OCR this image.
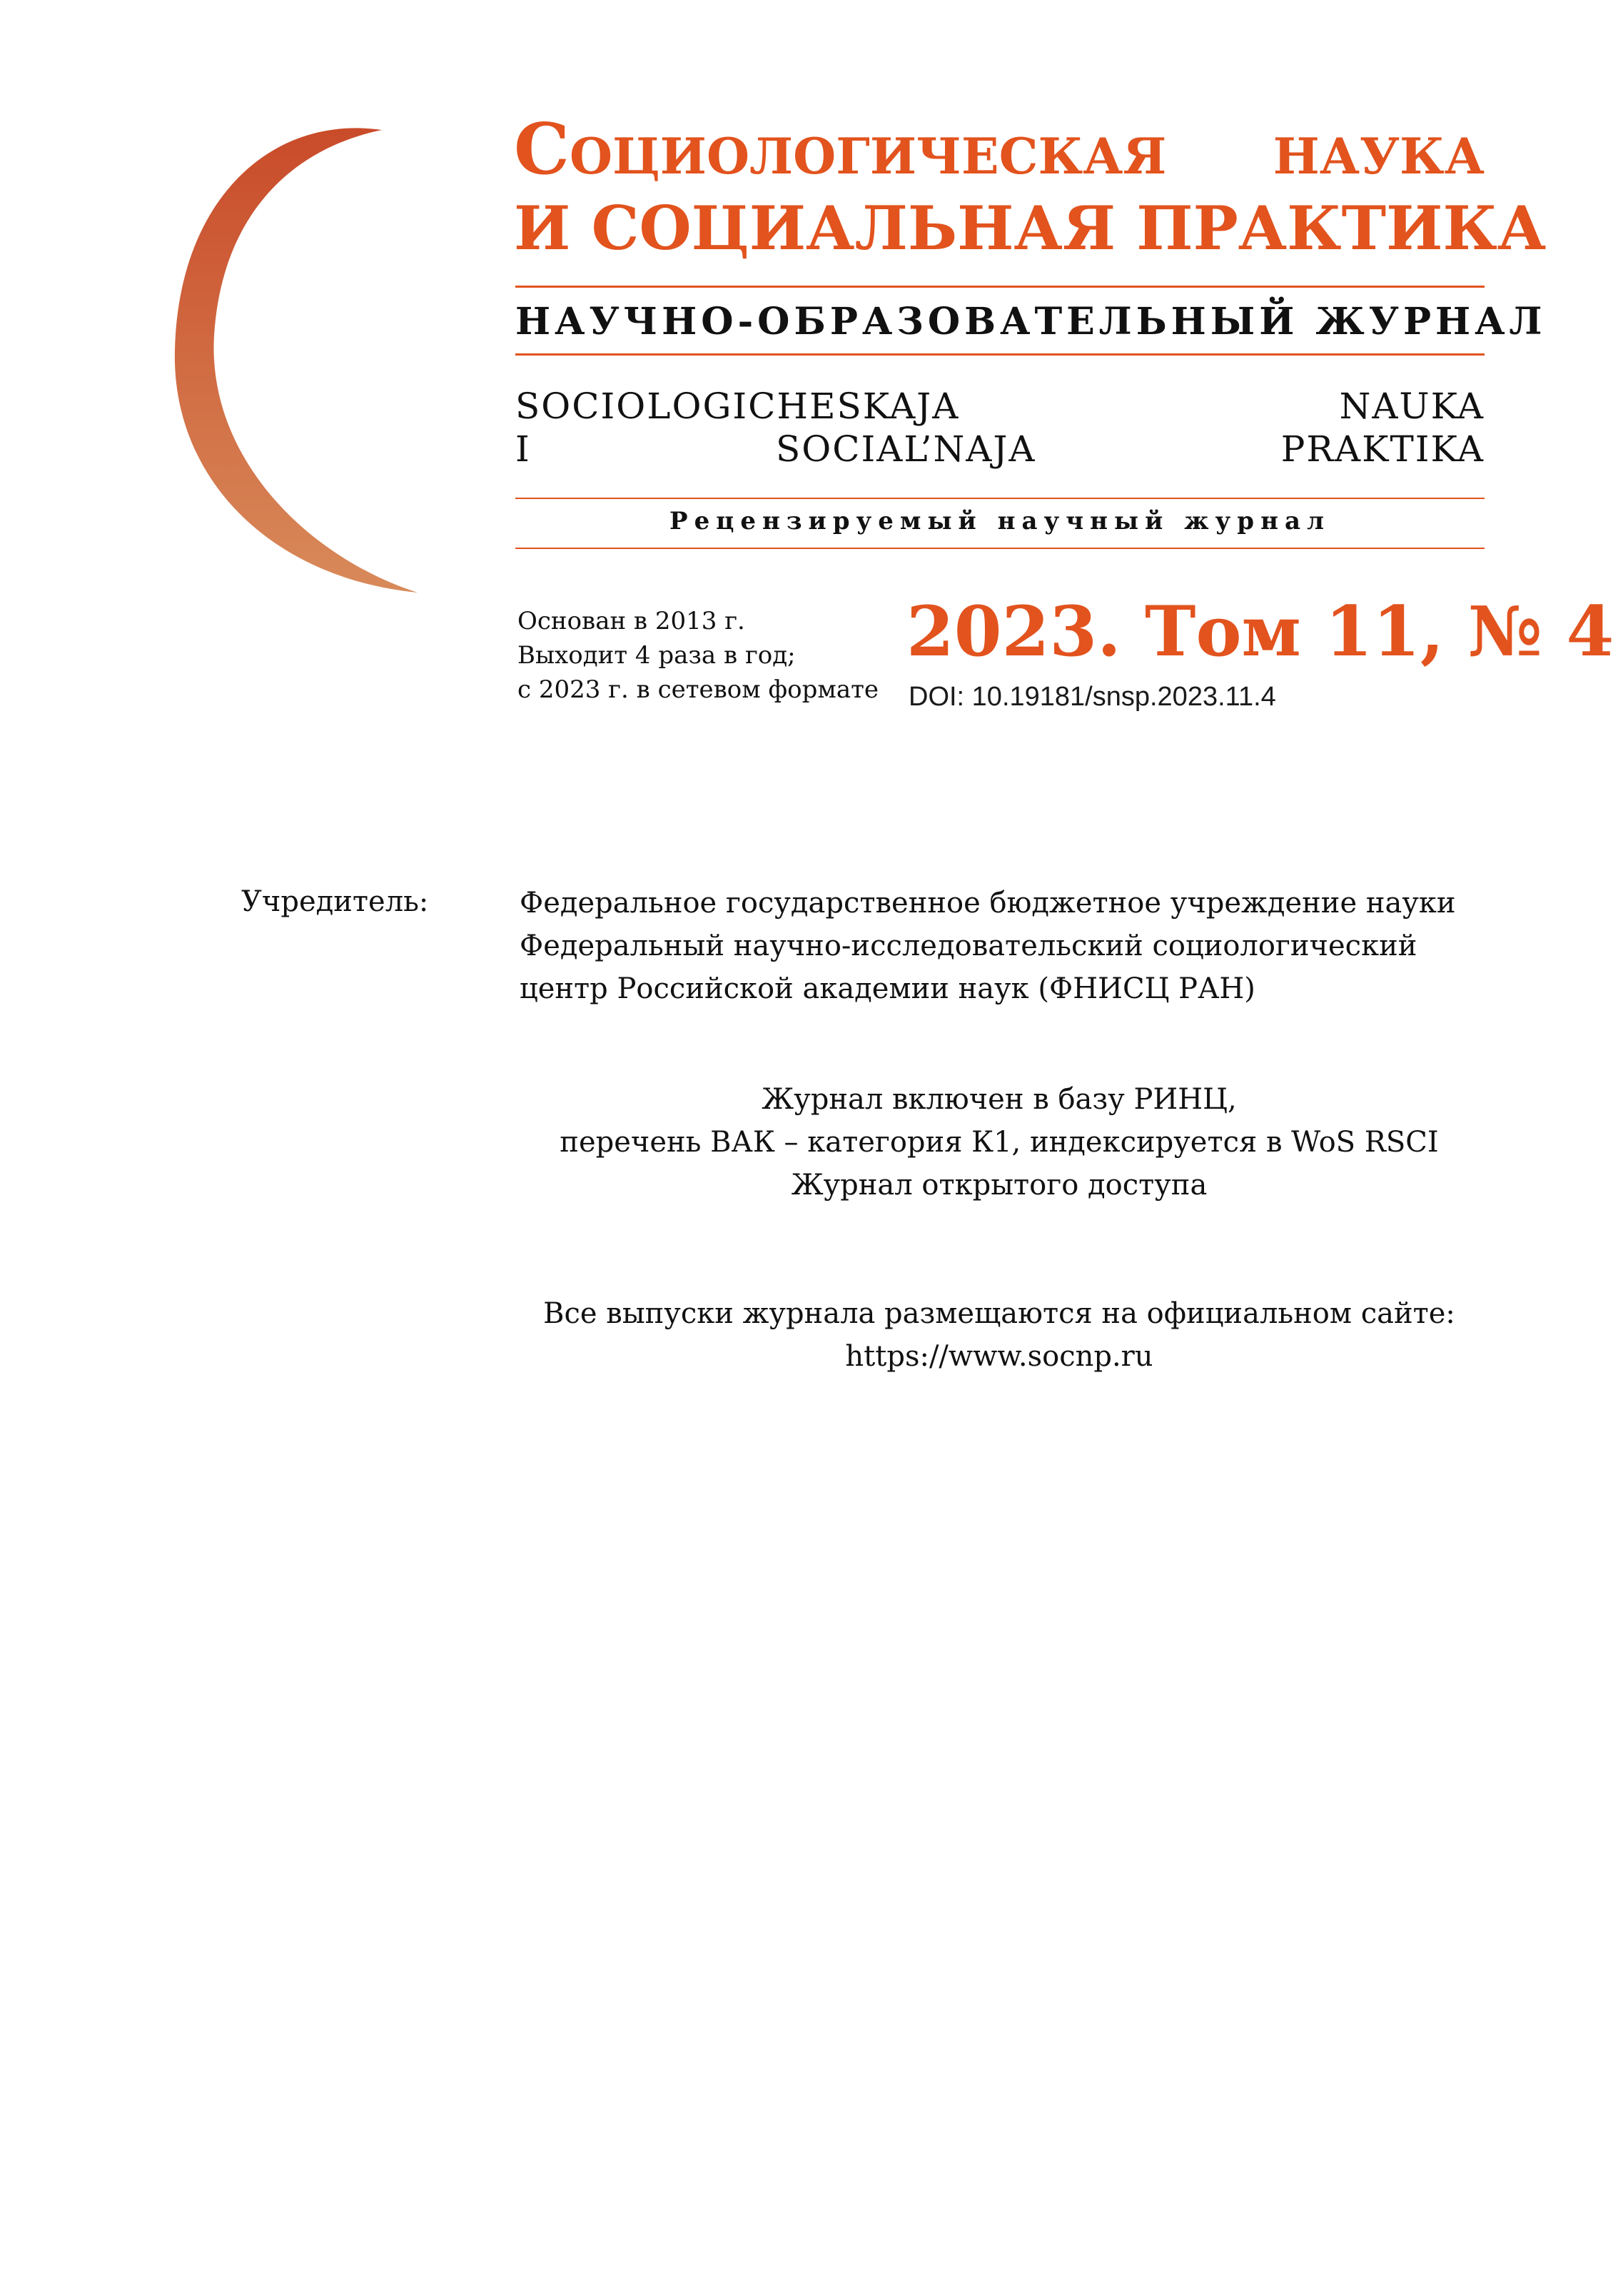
Социологическая наука
И СОЦИАЛЬНАЯ ПРАКТИКА
НАУЧНО-ОБРАЗОВАТЕЛЬНЫЙ ЖУРНАЛ
SOCIOLOGICHESKAJA NAUKA
I SOCIAL’NAJA PRAKTIKA
Рецензируемый научный журнал
Основан в 2013 г.
Выходит 4 раза в год;
с 2023 г. в сетевом формате
2023. Том 11, № 4
DOI: 10.19181/snsp.2023.11.4
Учредитель:	Федеральное государственное бюджетное учреждение науки
Федеральный научно-исследовательский социологический
центр Российской академии наук (ФНИСЦ РАН)
Журнал включен в базу РИНЦ,
перечень ВАК – категория К1, индексируется в WoS RSCI
Журнал открытого доступа
Все выпуски журнала размещаются на официальном сайте:
https://www.socnp.ru
